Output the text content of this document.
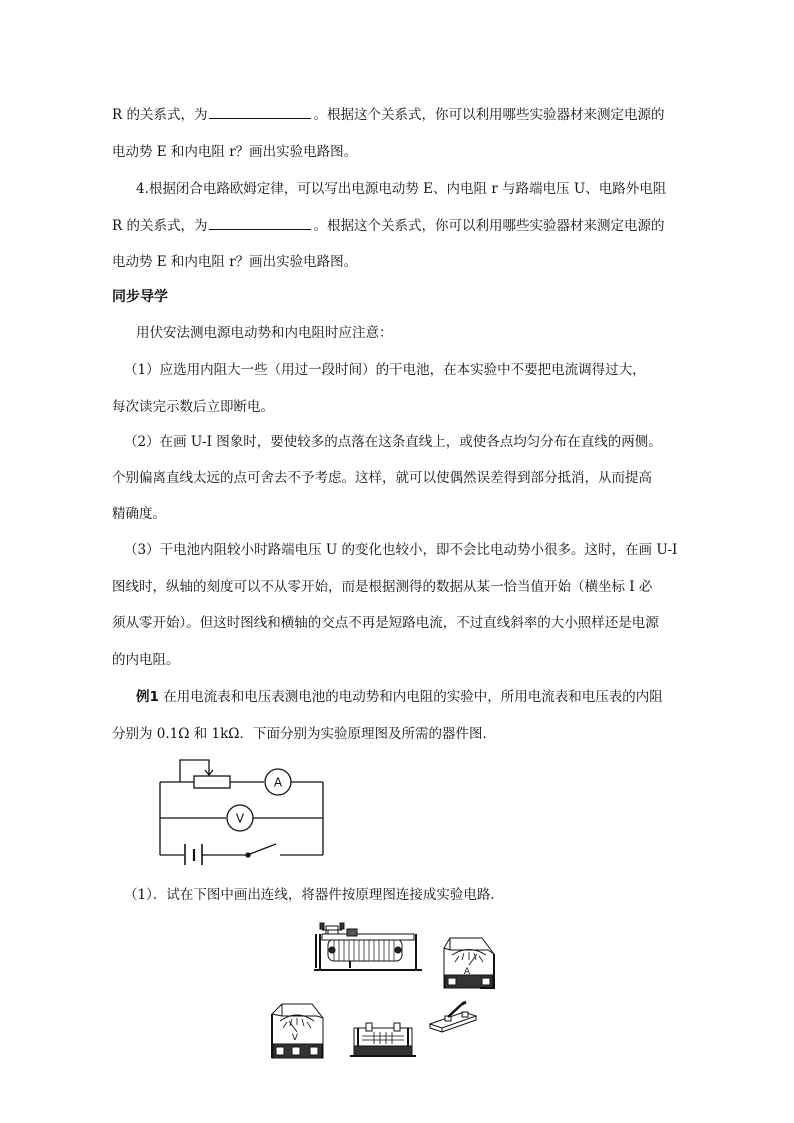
R 的关系式，为	。根据这个关系式，你可以利用哪些实验器材来测定电源的
电动势 E 和内电阻 r？画出实验电路图。
4.根据闭合电路欧姆定律，可以写出电源电动势 E、内电阻 r 与路端电压 U、电路外电阻
R 的关系式，为	。根据这个关系式，你可以利用哪些实验器材来测定电源的
电动势 E 和内电阻 r？画出实验电路图。
同步导学
用伏安法测电源电动势和内电阻时应注意：
（1）应选用内阻大一些（用过一段时间）的干电池，在本实验中不要把电流调得过大，
每次读完示数后立即断电。
（2）在画 U-I 图象时，要使较多的点落在这条直线上，或使各点均匀分布在直线的两侧。
个别偏离直线太远的点可舍去不予考虑。这样，就可以使偶然误差得到部分抵消，从而提高
精确度。
（3）干电池内阻较小时路端电压 U 的变化也较小，即不会比电动势小很多。这时，在画 U-I
图线时，纵轴的刻度可以不从零开始，而是根据测得的数据从某一恰当值开始（横坐标 I 必
须从零开始）。但这时图线和横轴的交点不再是短路电流，不过直线斜率的大小照样还是电源
的内电阻。
例1 在用电流表和电压表测电池的电动势和内电阻的实验中，所用电流表和电压表的内阻
分别为 0.1Ω 和 1kΩ．下面分别为实验原理图及所需的器件图．
A
V
（1）．试在下图中画出连线，将器件按原理图连接成实验电路．
A
V
